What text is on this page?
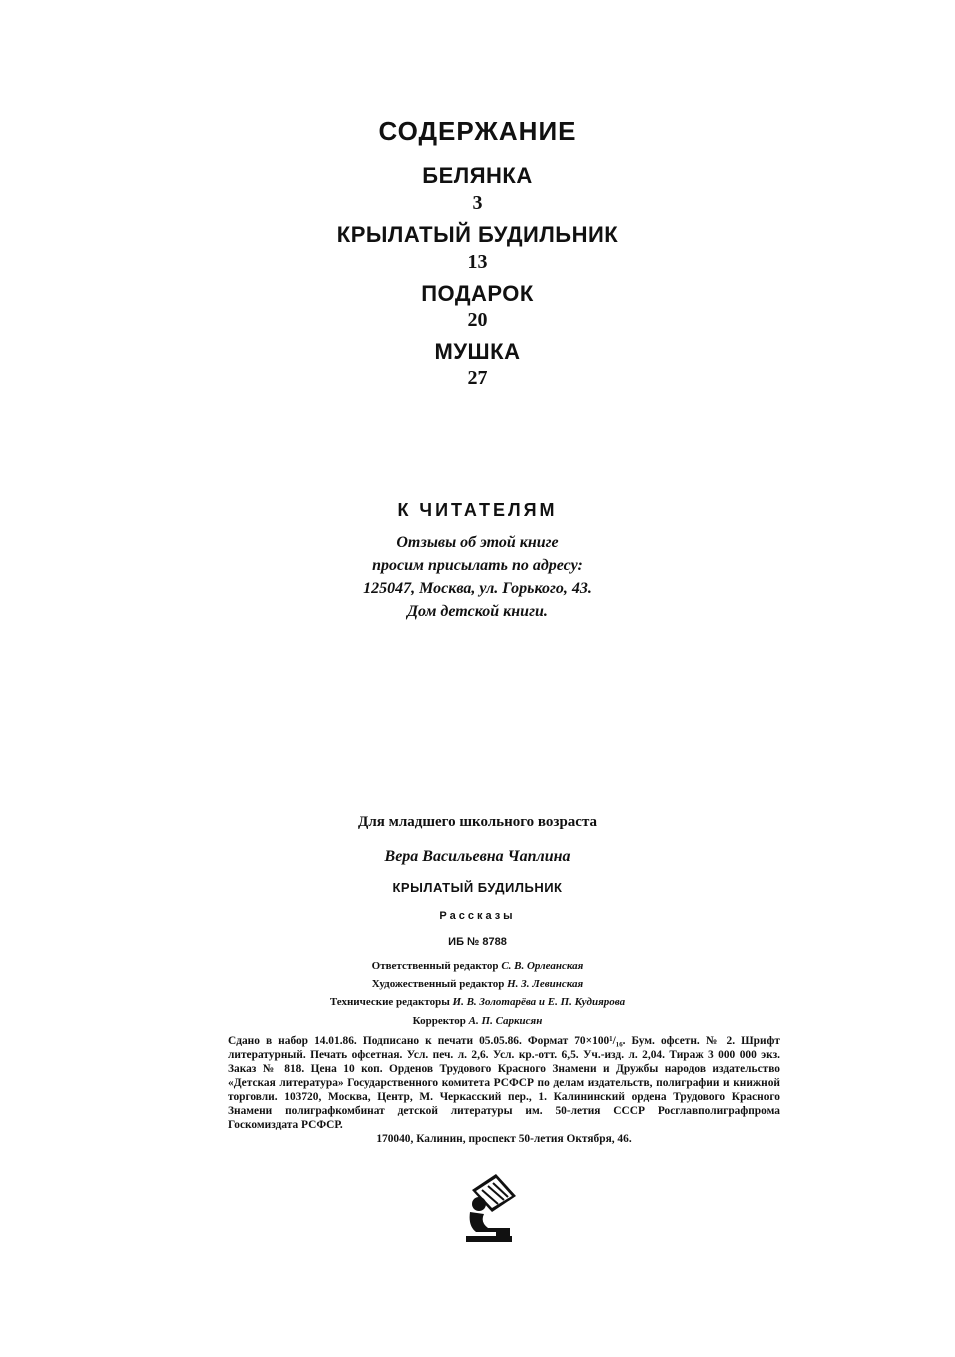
СОДЕРЖАНИЕ
БЕЛЯНКА
3
КРЫЛАТЫЙ БУДИЛЬНИК
13
ПОДАРОК
20
МУШКА
27
К ЧИТАТЕЛЯМ
Отзывы об этой книге
просим присылать по адресу:
125047, Москва, ул. Горького, 43.
Дом детской книги.
Для младшего школьного возраста
Вера Васильевна Чаплина
КРЫЛАТЫЙ БУДИЛЬНИК
Рассказы
ИБ № 8788
Ответственный редактор С. В. Орлеанская
Художественный редактор Н. З. Левинская
Технические редакторы И. В. Золотарёва и Е. П. Кудиярова
Корректор А. П. Саркисян
Сдано в набор 14.01.86. Подписано к печати 05.05.86. Формат 70×100¹/₁₆. Бум. офсетн. № 2. Шрифт литературный. Печать офсетная. Усл. печ. л. 2,6. Усл. кр.-отт. 6,5. Уч.-изд. л. 2,04. Тираж 3 000 000 экз. Заказ № 818. Цена 10 коп. Орденов Трудового Красного Знамени и Дружбы народов издательство «Детская литература» Государственного комитета РСФСР по делам издательств, полиграфии и книжной торговли. 103720, Москва, Центр, М. Черкасский пер., 1. Калининский ордена Трудового Красного Знамени полиграфкомбинат детской литературы им. 50-летия СССР Росглавполиграфпрома Госкомиздата РСФСР.
170040, Калинин, проспект 50-летия Октября, 46.
